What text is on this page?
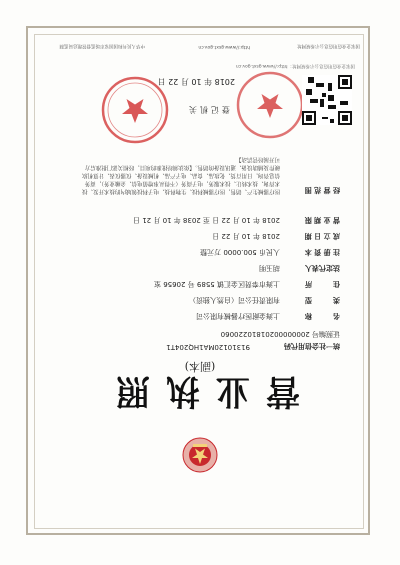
营业执照
(副本)
统一社会信用代码
91310120MA1HQ204T1
证照编号 20000000201810220060
名　　　称
上海金耐医疗器械有限公司
类　　　型
有限责任公司（自然人独资）
住　　　所
上海市奉贤区金汇镇 5589 号 20656 室
法定代表人
胡玉明
注 册 资 本
人民币 500.0000 万元整
成 立 日 期
2018 年 10 月 22 日
营 业 期 限
2018 年 10 月 22 日 至 2038 年 10 月 21 日
经 营 范 围
医疗器械生产、销售，医疗器械科技、生物科技、电子科技领域内的技术开发、技术咨询、技术转让、技术服务，电子商务（不得从事增值电信、金融业务），商务信息咨询，日用百货、化妆品、食品、电子产品、机械设备、仪器仪表、计算机软硬件及辅助设备、通讯设备的销售。【依法须经批准的项目，经相关部门批准后方可开展经营活动】
国家企业信用信息公示系统网址：http://www.gsxt.gov.cn
登记机关
2018 年 10 月 22 日
国家企业信用信息公示系统网址
http://www.gsxt.gov.cn
中华人民共和国国家市场监督管理总局监制
